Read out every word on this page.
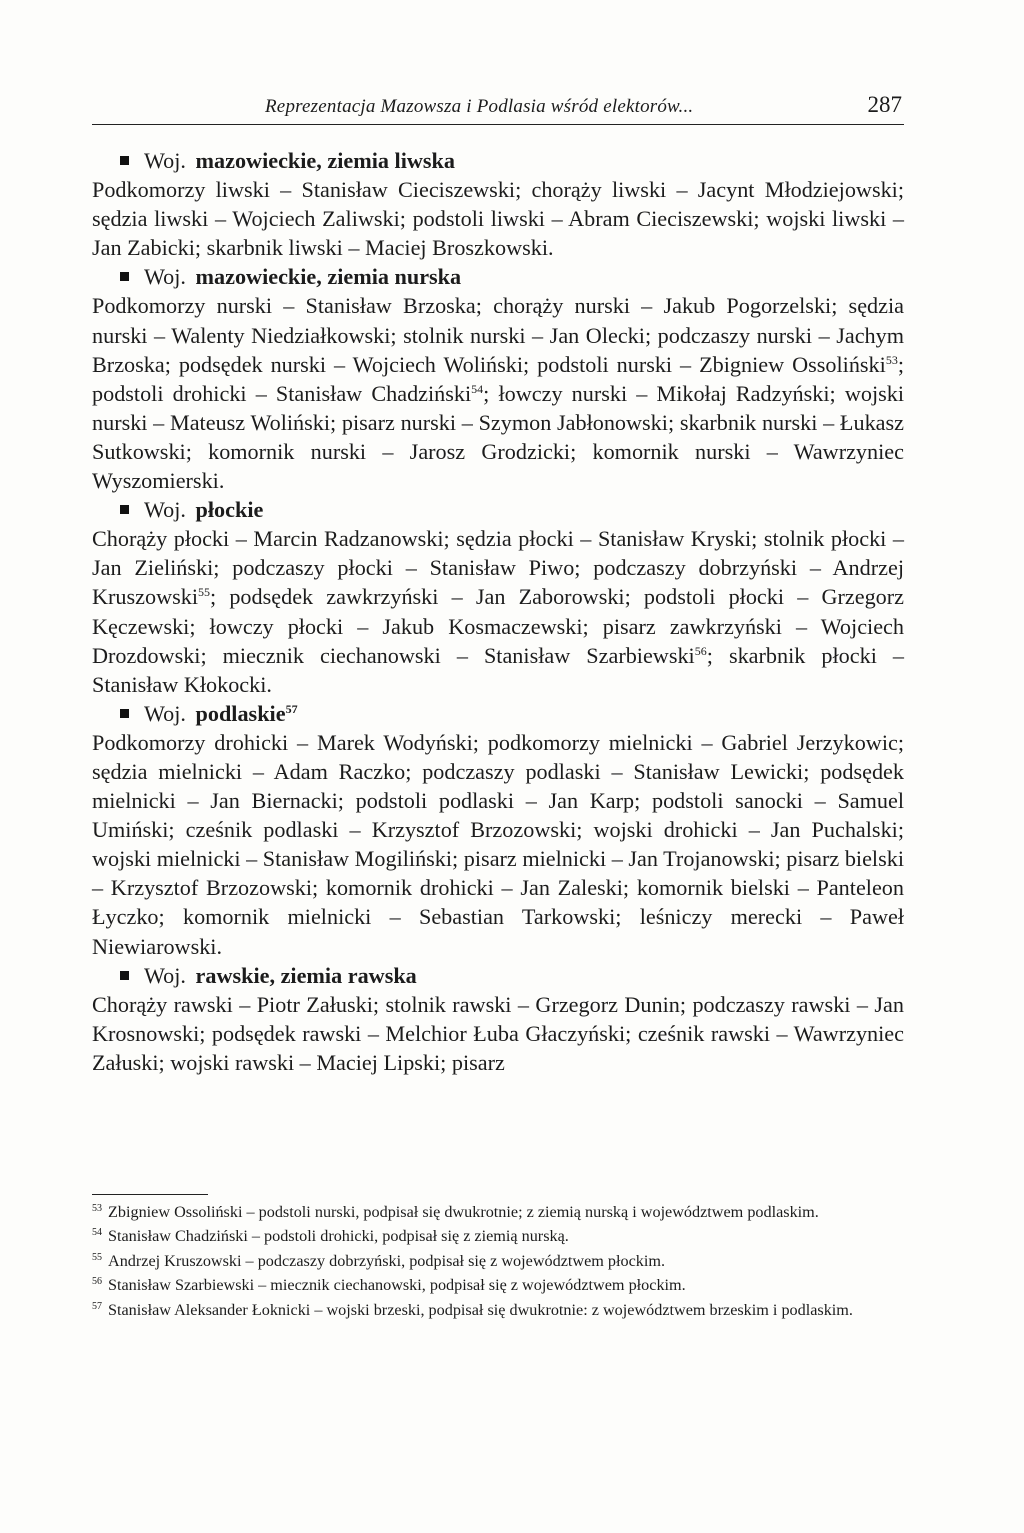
Reprezentacja Mazowsza i Podlasia wśród elektorów...	287

Woj. mazowieckie, ziemia liwska

Podkomorzy liwski – Stanisław Cieciszewski; chorąży liwski – Jacynt Młodziejowski; sędzia liwski – Wojciech Zaliwski; podstoli liwski – Abram Cieciszewski; wojski liwski – Jan Zabicki; skarbnik liwski – Maciej Broszkowski.

Woj. mazowieckie, ziemia nurska

Podkomorzy nurski – Stanisław Brzoska; chorąży nurski – Jakub Pogorzelski; sędzia nurski – Walenty Niedziałkowski; stolnik nurski – Jan Olecki; podczaszy nurski – Jachym Brzoska; podsędek nurski – Wojciech Woliński; podstoli nurski – Zbigniew Ossoliński$^{53}$; podstoli drohicki – Stanisław Chadziński$^{54}$; łowczy nurski – Mikołaj Radzyński; wojski nurski – Mateusz Woliński; pisarz nurski – Szymon Jabłonowski; skarbnik nurski – Łukasz Sutkowski; komornik nurski – Jarosz Grodzicki; komornik nurski – Wawrzyniec Wyszomierski.

Woj. płockie

Chorąży płocki – Marcin Radzanowski; sędzia płocki – Stanisław Kryski; stolnik płocki – Jan Zieliński; podczaszy płocki – Stanisław Piwo; podczaszy dobrzyński – Andrzej Kruszowski$^{55}$; podsędek zawkrzyński – Jan Zaborowski; podstoli płocki – Grzegorz Kęczewski; łowczy płocki – Jakub Kosmaczewski; pisarz zawkrzyński – Wojciech Drozdowski; miecznik ciechanowski – Stanisław Szarbiewski$^{56}$; skarbnik płocki – Stanisław Kłokocki.

Woj. podlaskie$^{57}$

Podkomorzy drohicki – Marek Wodyński; podkomorzy mielnicki – Gabriel Jerzykowic; sędzia mielnicki – Adam Raczko; podczaszy podlaski – Stanisław Lewicki; podsędek mielnicki – Jan Biernacki; podstoli podlaski – Jan Karp; podstoli sanocki – Samuel Umiński; cześnik podlaski – Krzysztof Brzozowski; wojski drohicki – Jan Puchalski; wojski mielnicki – Stanisław Mogiliński; pisarz mielnicki – Jan Trojanowski; pisarz bielski – Krzysztof Brzozowski; komornik drohicki – Jan Zaleski; komornik bielski – Panteleon Łyczko; komornik mielnicki – Sebastian Tarkowski; leśniczy merecki – Paweł Niewiarowski.

Woj. rawskie, ziemia rawska

Chorąży rawski – Piotr Załuski; stolnik rawski – Grzegorz Dunin; podczaszy rawski – Jan Krosnowski; podsędek rawski – Melchior Łuba Głaczyński; cześnik rawski – Wawrzyniec Załuski; wojski rawski – Maciej Lipski; pisarz

$^{53}$ Zbigniew Ossoliński – podstoli nurski, podpisał się dwukrotnie; z ziemią nurską i województwem podlaskim.

$^{54}$ Stanisław Chadziński – podstoli drohicki, podpisał się z ziemią nurską.

$^{55}$ Andrzej Kruszowski – podczaszy dobrzyński, podpisał się z województwem płockim.

$^{56}$ Stanisław Szarbiewski – miecznik ciechanowski, podpisał się z województwem płockim.

$^{57}$ Stanisław Aleksander Łoknicki – wojski brzeski, podpisał się dwukrotnie: z województwem brzeskim i podlaskim.
